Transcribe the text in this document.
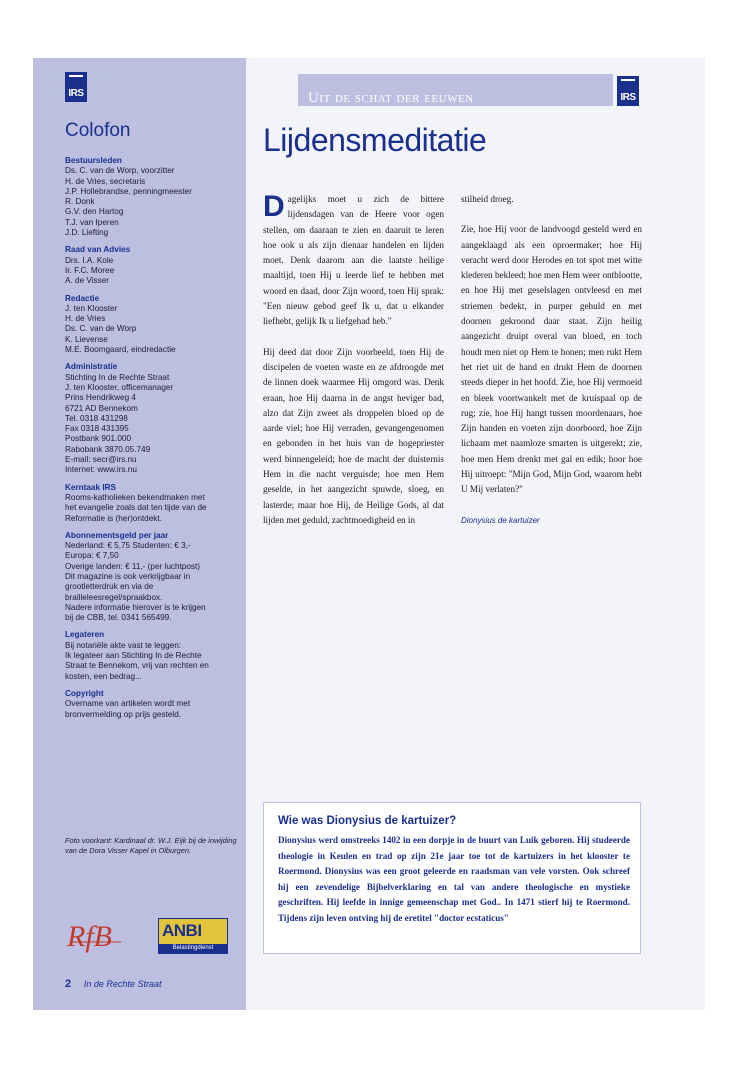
IRS
Colofon
Bestuursleden
Ds. C. van de Worp, voorzitter
H. de Vries, secretaris
J.P. Hollebrandse, penningmeester
R. Donk
G.V. den Hartog
T.J. van Iperen
J.D. Liefting
Raad van Advies
Drs. I.A. Kole
Ir. F.C. Moree
A. de Visser
Redactie
J. ten Klooster
H. de Vries
Ds. C. van de Worp
K. Lievense
M.E. Boomgaard, eindredactie
Administratie
Stichting In de Rechte Straat
J. ten Klooster, officemanager
Prins Hendrikweg 4
6721 AD Bennekom
Tel. 0318 431298
Fax 0318 431395
Postbank 901.000
Rabobank 3870.05.749
E-mail: secr@irs.nu
Internet: www.irs.nu
Kerntaak IRS
Rooms-katholieken bekendmaken met
het evangelie zoals dat ten tijde van de
Reformatie is (her)ontdekt.
Abonnementsgeld per jaar
Nederland: € 5,75 Studenten: € 3,-
Europa: € 7,50
Overige landen: € 11,- (per luchtpost)
Dit magazine is ook verkrijgbaar in
grootletterdruk en via de
brailleleesregel/spraakbox.
Nadere informatie hierover is te krijgen
bij de CBB, tel. 0341 565499.
Legateren
Bij notariële akte vast te leggen:
Ik legateer aan Stichting In de Rechte
Straat te Bennekom, vrij van rechten en
kosten, een bedrag...
Copyright
Overname van artikelen wordt met
bronvermelding op prijs gesteld.
Foto voorkant: Kardinaal dr. W.J. Eijk bij de inwijding van de Dora Visser Kapel in Olburgen.
RfB	ANBI
Belastingdienst
2 In de Rechte Straat
Uit de schat der eeuwen	IRS
Lijdensmeditatie

Dagelijks moet u zich de bittere lijdensdagen van de Heere voor ogen stellen, om daaraan te zien en daaruit te leren hoe ook u als zijn dienaar handelen en lijden moet. Denk daarom aan die laatste heilige maaltijd, toen Hij u leerde lief te hebben met woord en daad, door Zijn woord, toen Hij sprak: "Een nieuw gebod geef Ik u, dat u elkander liefhebt, gelijk Ik u liefgehad heb."

Hij deed dat door Zijn voorbeeld, toen Hij de discipelen de voeten waste en ze afdroogde met de linnen doek waarmee Hij omgord was. Denk eraan, hoe Hij daarna in de angst heviger bad, alzo dat Zijn zweet als droppelen bloed op de aarde viel; hoe Hij verraden, gevangengenomen en gebonden in het huis van de hogepriester werd binnengeleid; hoe de macht der duisternis Hem in die nacht verguisde; hoe men Hem geselde, in het aangezicht spuwde, sloeg, en lasterde; maar hoe Hij, de Heilige Gods, al dat lijden met geduld, zachtmoedigheid en in

stilheid droeg.

Zie, hoe Hij voor de landvoogd gesteld werd en aangeklaagd als een oproermaker; hoe Hij veracht werd door Herodes en tot spot met witte klederen bekleed; hoe men Hem weer ontblootte, en hoe Hij met geselslagen ontvleesd en met striemen bedekt, in purper gehuld en met doornen gekroond daar staat. Zijn heilig aangezicht druipt overal van bloed, en toch houdt men niet op Hem te honen; men rukt Hem het riet uit de hand en drukt Hem de doornen steeds dieper in het hoofd. Zie, hoe Hij vermoeid en bleek voortwankelt met de kruispaal op de rug; zie, hoe Hij hangt tussen moordenaars, hoe Zijn handen en voeten zijn doorboord, hoe Zijn lichaam met naamloze smarten is uitgerekt; zie, hoe men Hem drenkt met gal en edik; hoor hoe Hij uitroept: "Mijn God, Mijn God, waarom hebt U Mij verlaten?"

Dionysius de kartuizer
Wie was Dionysius de kartuizer?
Dionysius werd omstreeks 1402 in een dorpje in de buurt van Luik geboren. Hij studeerde theologie in Keulen en trad op zijn 21e jaar toe tot de kartuizers in het klooster te Roermond. Dionysius was een groot geleerde en raadsman van vele vorsten. Ook schreef hij een zevendelige Bijbelverklaring en tal van andere theologische en mystieke geschriften. Hij leefde in innige gemeenschap met God.. In 1471 stierf hij te Roermond. Tijdens zijn leven ontving hij de eretitel "doctor ecstaticus"
